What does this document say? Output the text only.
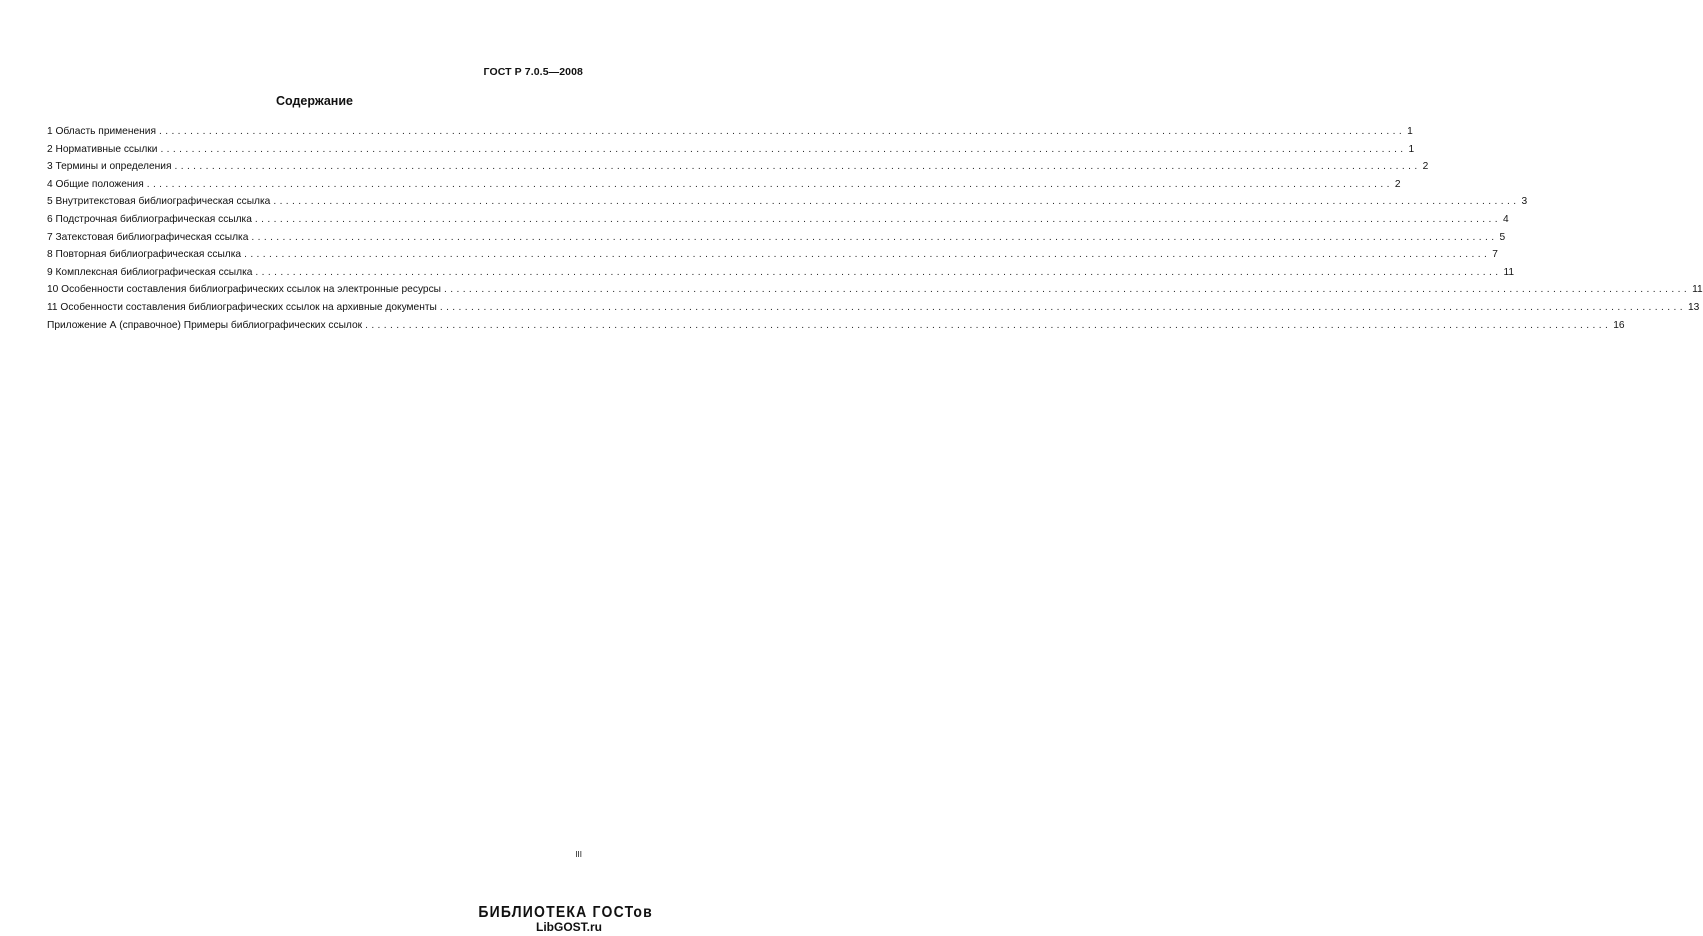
ГОСТ Р 7.0.5—2008
Содержание
1 Область применения ........................................................................................................................................................................................................ 1
2 Нормативные ссылки ........................................................................................................................................................................................................ 1
3 Термины и определения ........................................................................................................................................................................................................ 2
4 Общие положения ........................................................................................................................................................................................................ 2
5 Внутритекстовая библиографическая ссылка ........................................................................................................................................................................................................ 3
6 Подстрочная библиографическая ссылка ........................................................................................................................................................................................................ 4
7 Затекстовая библиографическая ссылка ........................................................................................................................................................................................................ 5
8 Повторная библиографическая ссылка ........................................................................................................................................................................................................ 7
9 Комплексная библиографическая ссылка ........................................................................................................................................................................................................ 11
10 Особенности составления библиографических ссылок на электронные ресурсы ........................................................................................................................................................................................................ 11
11 Особенности составления библиографических ссылок на архивные документы ........................................................................................................................................................................................................ 13
Приложение А (справочное) Примеры библиографических ссылок ........................................................................................................................................................................................................ 16
III
БИБЛИОТЕКА ГОСТов
LibGOST.ru
